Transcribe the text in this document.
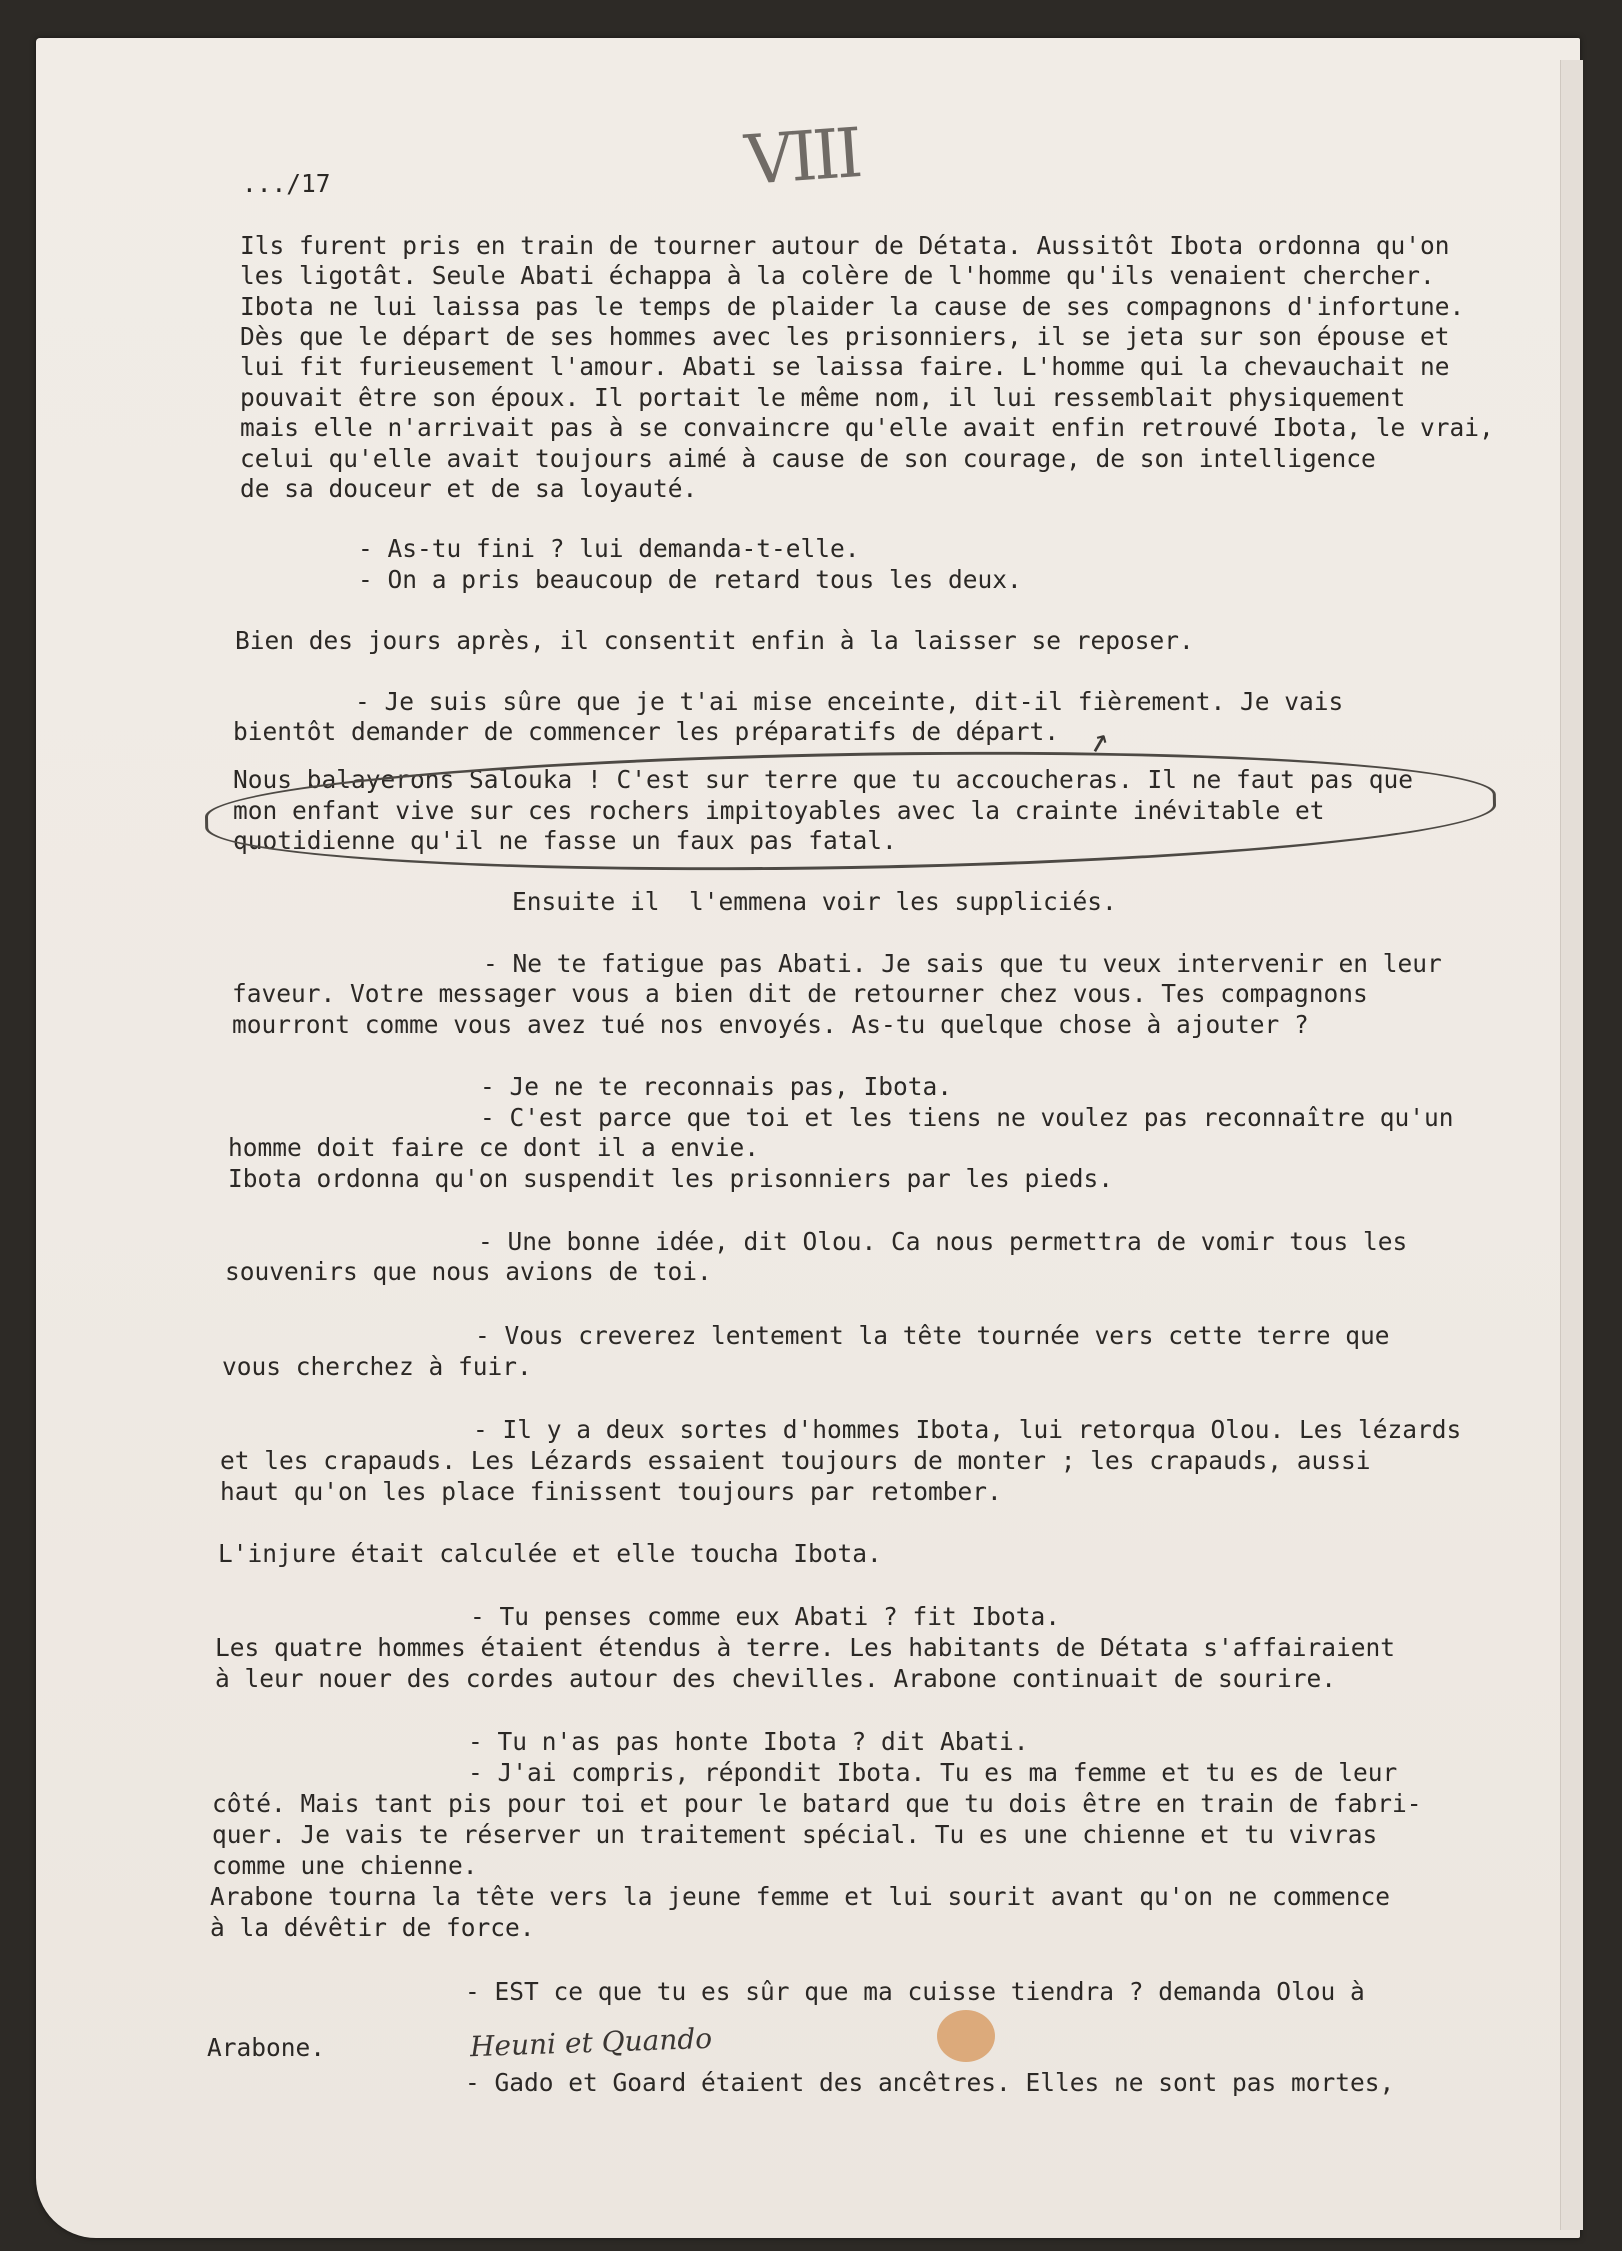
.../17	VIII

Ils furent pris en train de tourner autour de Détata. Aussitôt Ibota ordonna qu'on

les ligotât. Seule Abati échappa à la colère de l'homme qu'ils venaient chercher.

Ibota ne lui laissa pas le temps de plaider la cause de ses compagnons d'infortune.

Dès que le départ de ses hommes avec les prisonniers, il se jeta sur son épouse et

lui fit furieusement l'amour. Abati se laissa faire. L'homme qui la chevauchait ne

pouvait être son époux. Il portait le même nom, il lui ressemblait physiquement

mais elle n'arrivait pas à se convaincre qu'elle avait enfin retrouvé Ibota, le vrai,

celui qu'elle avait toujours aimé à cause de son courage, de son intelligence

de sa douceur et de sa loyauté.

- As-tu fini ? lui demanda-t-elle.

- On a pris beaucoup de retard tous les deux.

Bien des jours après, il consentit enfin à la laisser se reposer.

- Je suis sûre que je t'ai mise enceinte, dit-il fièrement. Je vais

bientôt demander de commencer les préparatifs de départ.

Nous balayerons Salouka ! C'est sur terre que tu accoucheras. Il ne faut pas que

mon enfant vive sur ces rochers impitoyables avec la crainte inévitable et

quotidienne qu'il ne fasse un faux pas fatal.

Ensuite il  l'emmena voir les suppliciés.

- Ne te fatigue pas Abati. Je sais que tu veux intervenir en leur

faveur. Votre messager vous a bien dit de retourner chez vous. Tes compagnons

mourront comme vous avez tué nos envoyés. As-tu quelque chose à ajouter ?

- Je ne te reconnais pas, Ibota.

- C'est parce que toi et les tiens ne voulez pas reconnaître qu'un

homme doit faire ce dont il a envie.

Ibota ordonna qu'on suspendit les prisonniers par les pieds.

- Une bonne idée, dit Olou. Ca nous permettra de vomir tous les

souvenirs que nous avions de toi.

- Vous creverez lentement la tête tournée vers cette terre que

vous cherchez à fuir.

- Il y a deux sortes d'hommes Ibota, lui retorqua Olou. Les lézards

et les crapauds. Les Lézards essaient toujours de monter ; les crapauds, aussi

haut qu'on les place finissent toujours par retomber.

L'injure était calculée et elle toucha Ibota.

- Tu penses comme eux Abati ? fit Ibota.

Les quatre hommes étaient étendus à terre. Les habitants de Détata s'affairaient

à leur nouer des cordes autour des chevilles. Arabone continuait de sourire.

- Tu n'as pas honte Ibota ? dit Abati.

- J'ai compris, répondit Ibota. Tu es ma femme et tu es de leur

côté. Mais tant pis pour toi et pour le batard que tu dois être en train de fabri-

quer. Je vais te réserver un traitement spécial. Tu es une chienne et tu vivras

comme une chienne.

Arabone tourna la tête vers la jeune femme et lui sourit avant qu'on ne commence

à la dévêtir de force.

- EST ce que tu es sûr que ma cuisse tiendra ? demanda Olou à

Arabone.

- Gado et Goard étaient des ancêtres. Elles ne sont pas mortes,

↗
Heuni et Quando
